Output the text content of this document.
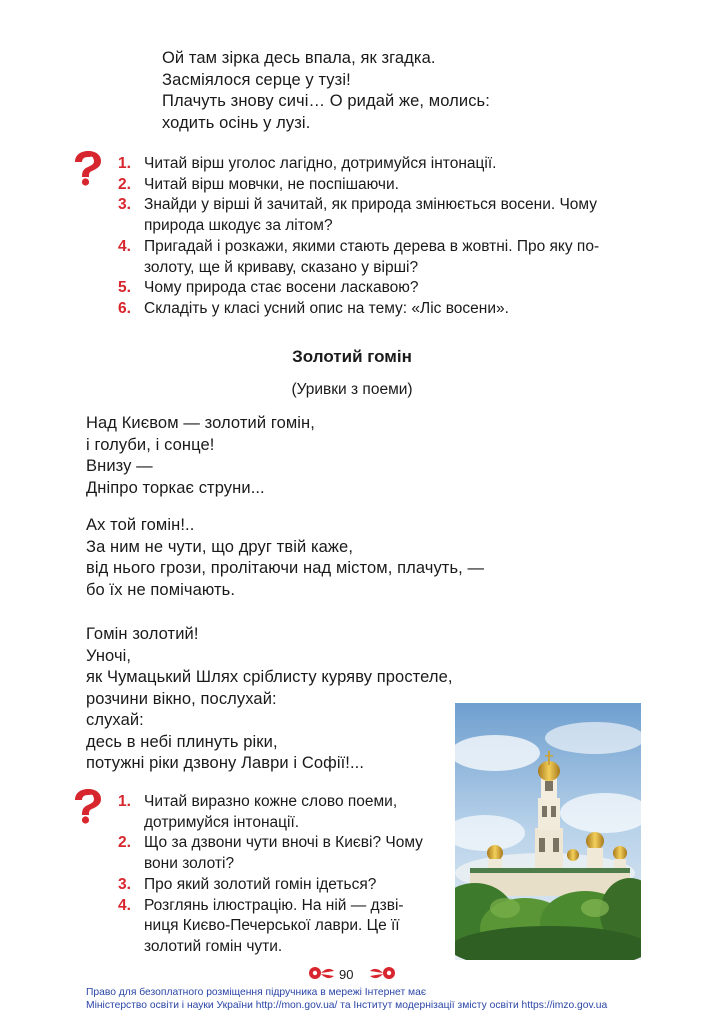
Ой там зірка десь впала, як згадка.
Засміялося серце у тузі!
Плачуть знову сичі… О ридай же, молись:
ходить осінь у лузі.
1. Читай вірш уголос лагідно, дотримуйся інтонації.
2. Читай вірш мовчки, не поспішаючи.
3. Знайди у вірші й зачитай, як природа змінюється восени. Чому
природа шкодує за літом?
4. Пригадай і розкажи, якими стають дерева в жовтні. Про яку по-
золоту, ще й криваву, сказано у вірші?
5. Чому природа стає восени ласкавою?
6. Складіть у класі усний опис на тему: «Ліс восени».
Золотий гомін
(Уривки з поеми)
Над Києвом — золотий гомін,
і голуби, і сонце!
Внизу —
Дніпро торкає струни...
Ах той гомін!..
За ним не чути, що друг твій каже,
від нього грози, пролітаючи над містом, плачуть, —
бо їх не помічають.
Гомін золотий!
Уночі,
як Чумацький Шлях сріблисту куряву простеле,
розчини вікно, послухай:
слухай:
десь в небі плинуть ріки,
потужні ріки дзвону Лаври і Софії!...
1. Читай виразно кожне слово поеми,
дотримуйся інтонації.
2. Що за дзвони чути вночі в Києві? Чому
вони золоті?
3. Про який золотий гомін ідеться?
4. Розглянь ілюстрацію. На ній — дзві-
ниця Києво-Печерської лаври. Це її
золотий гомін чути.
90
Право для безоплатного розміщення підручника в мережі Інтернет має
Міністерство освіти і науки України http://mon.gov.ua/ та Інститут модернізації змісту освіти https://imzo.gov.ua
